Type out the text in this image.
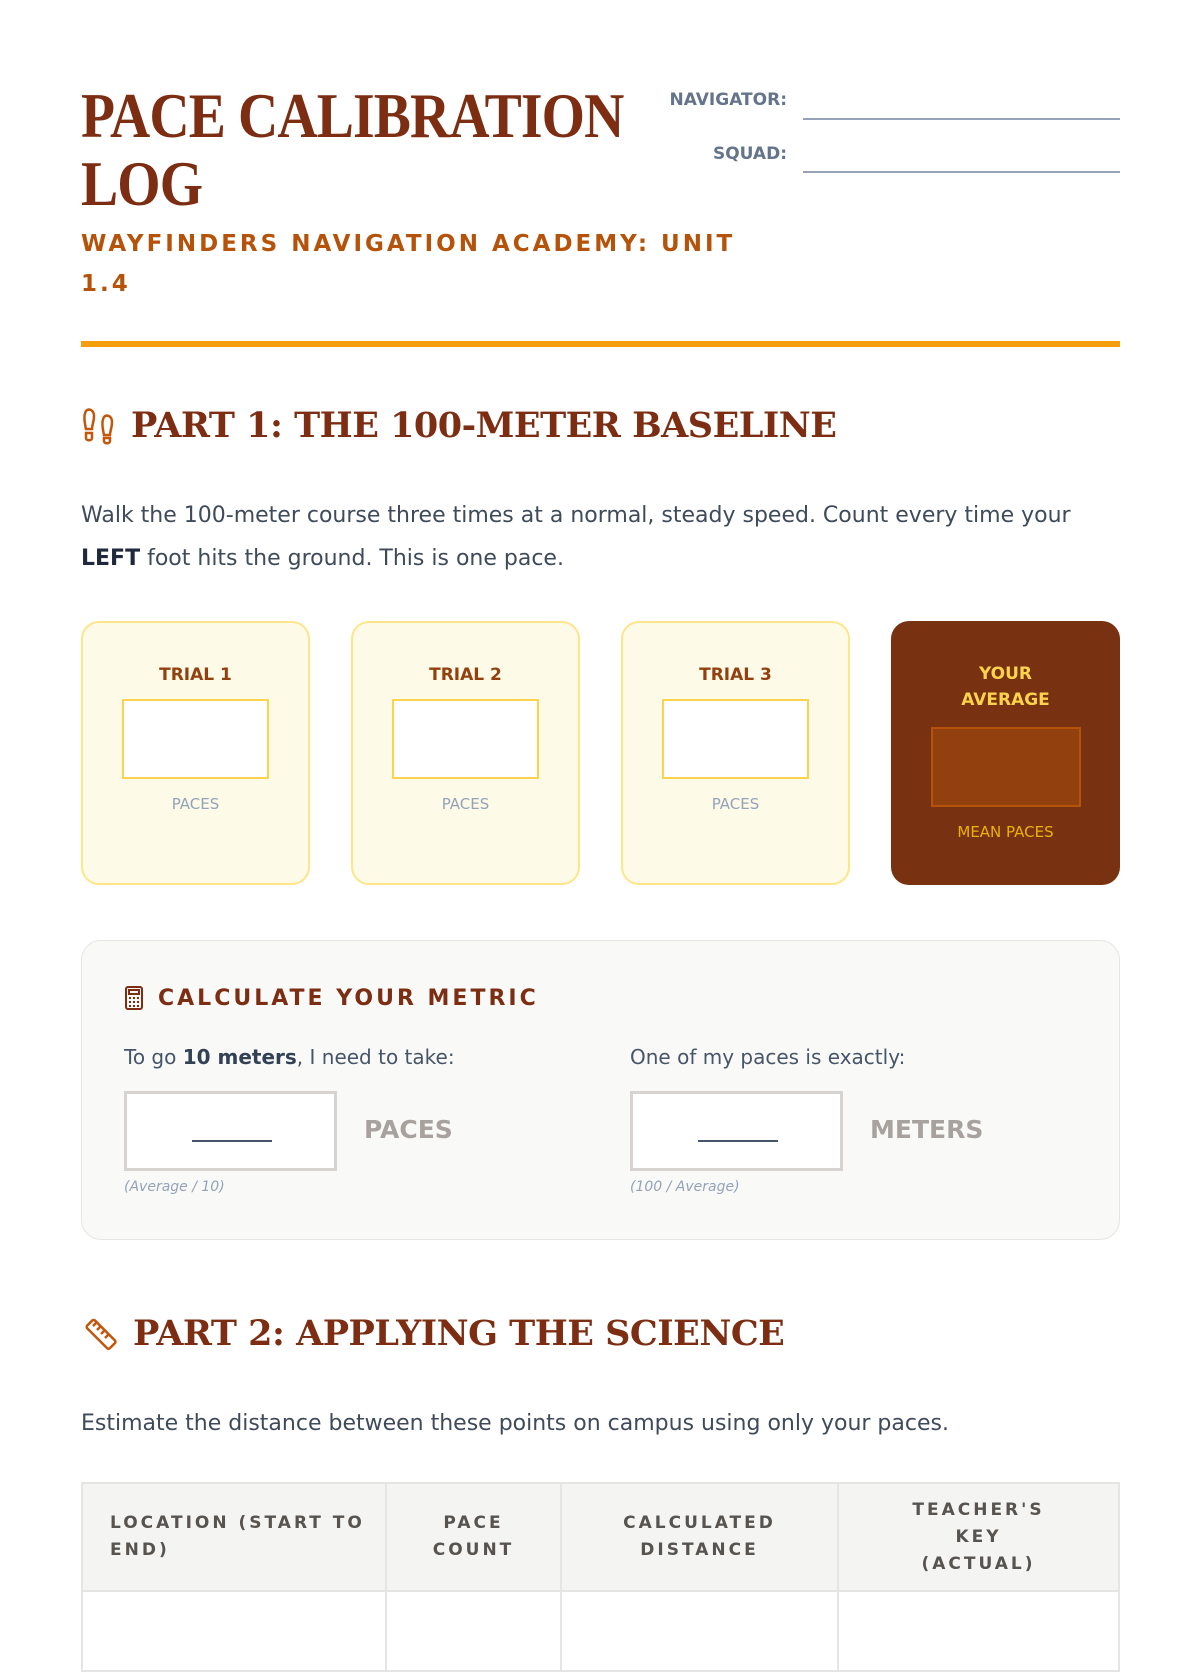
PACE CALIBRATION LOG
WAYFINDERS NAVIGATION ACADEMY: UNIT 1.4
NAVIGATOR:
SQUAD:
PART 1: THE 100-METER BASELINE
Walk the 100-meter course three times at a normal, steady speed. Count every time your LEFT foot hits the ground. This is one pace.
TRIAL 1
PACES
TRIAL 2
PACES
TRIAL 3
PACES
YOUR AVERAGE
MEAN PACES
CALCULATE YOUR METRIC
To go 10 meters, I need to take:
PACES
(Average / 10)
One of my paces is exactly:
METERS
(100 / Average)
PART 2: APPLYING THE SCIENCE
Estimate the distance between these points on campus using only your paces.
LOCATION (START TO END)	PACE COUNT	CALCULATED DISTANCE	TEACHER'S KEY (ACTUAL)
